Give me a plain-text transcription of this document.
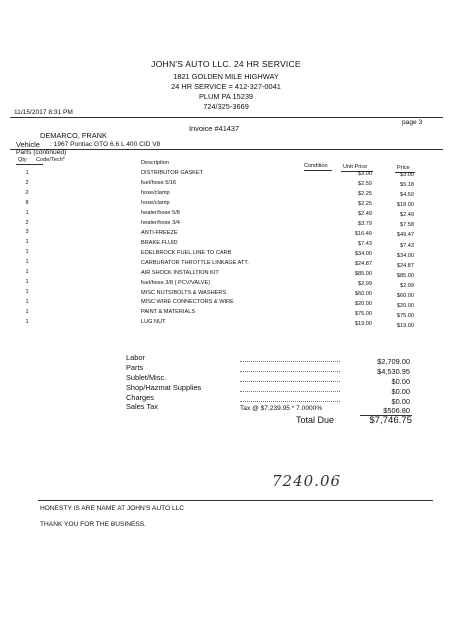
JOHN'S AUTO LLC. 24 HR SERVICE
1821 GOLDEN MILE HIGHWAY
24 HR SERVICE = 412-327-0041
PLUM PA 15239
724/325-3669
11/15/2017 8:31 PM
page 3
Invoice #41437
DEMARCO, FRANK
Vehicle : 1967 Pontiac GTO 6.6 L 400 CID V8
Parts (continued)
Qty Code/Tech*	Description	Condition	Unit Price	Price
1	DISTRIBUTOR GASKET	$3.00	$3.00
2	fuel/hose 5/16	$2.59	$5.18
2	hose/clamp	$2.25	$4.50
8	hose/clamp	$2.25	$18.00
1	heater/hose 5/8	$2.49	$2.49
2	heater/hose 3/4	$3.79	$7.58
3	ANTI-FREEZE	$16.49	$49.47
1	BRAKE FLUID	$7.43	$7.43
1	EDELBROCK FUEL LINE TO CARB	$34.00	$34.00
1	CARBURATOR THROTTLE LINKAGE ATT.	$24.87	$24.87
1	AIR SHOCK INSTALLTION KIT	$85.00	$85.00
1	fuel/hose 3/8 ( PCV/VALVE)	$2.99	$2.99
1	MISC NUTS/BOLTS & WASHERS	$60.00	$60.00
1	MISC WIRE CONNECTORS & WIRE	$20.00	$20.00
1	PAINT & MATERIALS	$75.00	$75.00
1	LUG NUT	$19.00	$19.00
Labor	$2,709.00
Parts	$4,530.95
Sublet/Misc.	$0.00
Shop/Hazmat Supplies	$0.00
Charges	$0.00
Sales Tax	Tax @ $7,239.95 * 7.0000%	$506.80
Total Due	$7,746.75
7240.06
HONESTY IS ARE NAME AT JOHN'S AUTO LLC
THANK YOU FOR THE BUSINESS.
